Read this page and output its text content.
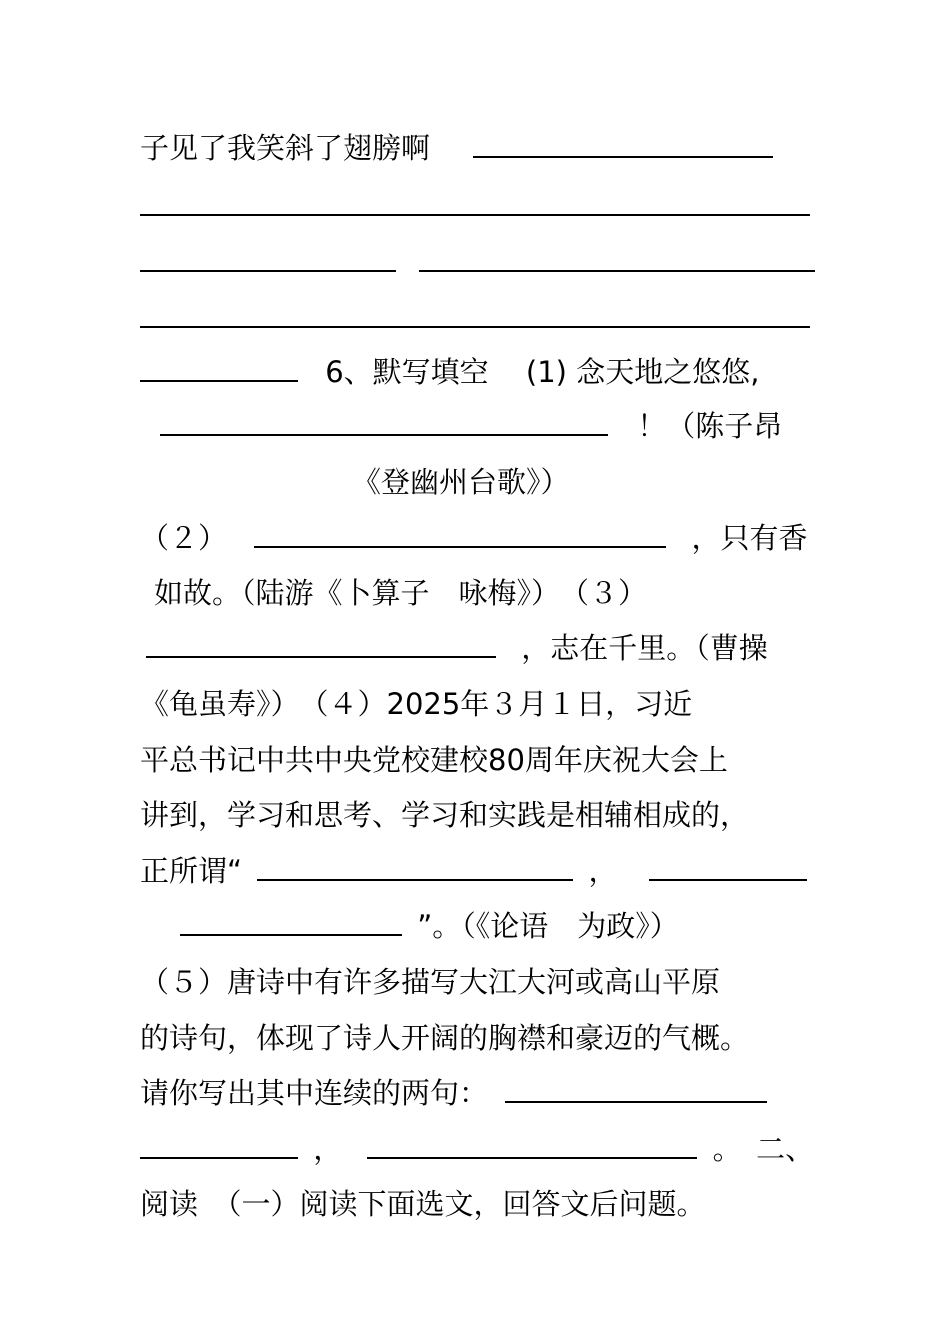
子见了我笑斜了翅膀啊

6、默写填空 (1) 念天地之悠悠,
！（陈子昂
《登幽州台歌》）
（２）	，只有香
如故。（陆游《卜算子　咏梅》）　（３）
，志在千里。（曹操
《龟虽寿》）　（４）2025年３月１日，习近
平总书记中共中央党校建校80周年庆祝大会上
讲到，学习和思考、学习和实践是相辅相成的，
正所谓“	，
”。（《论语　为政》）
（５）唐诗中有许多描写大江大河或高山平原
的诗句，体现了诗人开阔的胸襟和豪迈的气概。
请你写出其中连续的两句：
，	。　二、
阅读　（一）阅读下面选文，回答文后问题。
